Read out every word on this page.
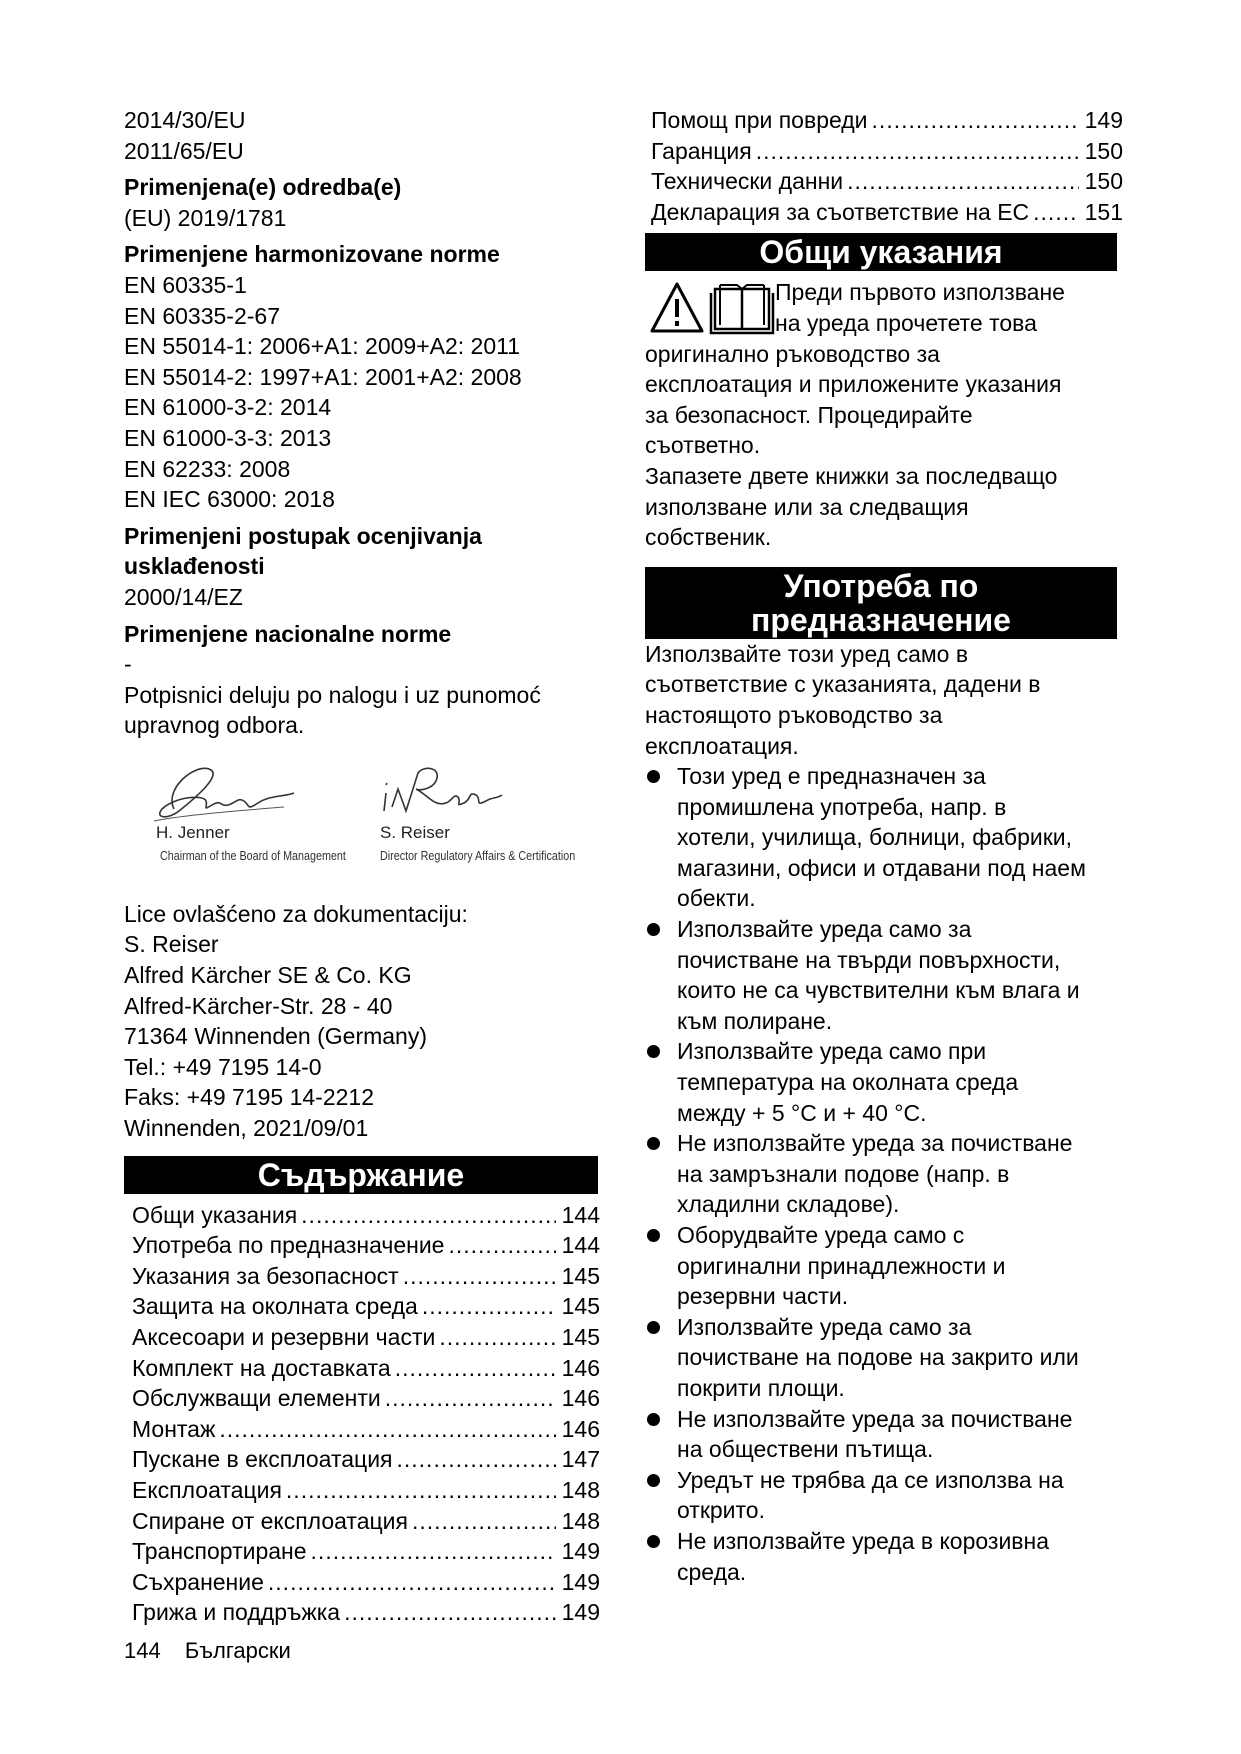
2014/30/EU
2011/65/EU
Primenjena(e) odredba(e)
(EU) 2019/1781
Primenjene harmonizovane norme
EN 60335-1
EN 60335-2-67
EN 55014-1: 2006+A1: 2009+A2: 2011
EN 55014-2: 1997+A1: 2001+A2: 2008
EN 61000-3-2: 2014
EN 61000-3-3: 2013
EN 62233: 2008
EN IEC 63000: 2018
Primenjeni postupak ocenjivanja
usklađenosti
2000/14/EZ
Primenjene nacionalne norme
-
Potpisnici deluju po nalogu i uz punomoć
upravnog odbora.
H. Jenner
Chairman of the Board of Management
S. Reiser
Director Regulatory Affairs & Certification
Lice ovlašćeno za dokumentaciju:
S. Reiser
Alfred Kärcher SE & Co. KG
Alfred-Kärcher-Str. 28 - 40
71364 Winnenden (Germany)
Tel.: +49 7195 14-0
Faks: +49 7195 14-2212
Winnenden, 2021/09/01
Съдържание
Общи указания .....	144
Употреба по предназначение .....	144
Указания за безопасност .....	145
Защита на околната среда .....	145
Аксесоари и резервни части .....	145
Комплект на доставката .....	146
Обслужващи елементи .....	146
Монтаж .....	146
Пускане в експлоатация .....	147
Експлоатация .....	148
Спиране от експлоатация .....	148
Транспортиране .....	149
Съхранение .....	149
Грижа и поддръжка .....	149
Помощ при повреди .....	149
Гаранция .....	150
Технически данни .....	150
Декларация за съответствие на ЕС ..... 151
Общи указания
Преди първото използване
на уреда прочетете това
оригинално ръководство за
експлоатация и приложените указания
за безопасност. Процедирайте
съответно.
Запазете двете книжки за последващо
използване или за следващия
собственик.
Употреба по
предназначение
Използвайте този уред само в
съответствие с указанията, дадени в
настоящото ръководство за
експлоатация.
Този уред е предназначен за
промишлена употреба, напр. в
хотели, училища, болници, фабрики,
магазини, офиси и отдавани под наем
обекти.
Използвайте уреда само за
почистване на твърди повърхности,
които не са чувствителни към влага и
към полиране.
Използвайте уреда само при
температура на околната среда
между + 5 °C и + 40 °C.
Не използвайте уреда за почистване
на замръзнали подове (напр. в
хладилни складове).
Оборудвайте уреда само с
оригинални принадлежности и
резервни части.
Използвайте уреда само за
почистване на подове на закрито или
покрити площи.
Не използвайте уреда за почистване
на обществени пътища.
Уредът не трябва да се използва на
открито.
Не използвайте уреда в корозивна
среда.
144 Български
